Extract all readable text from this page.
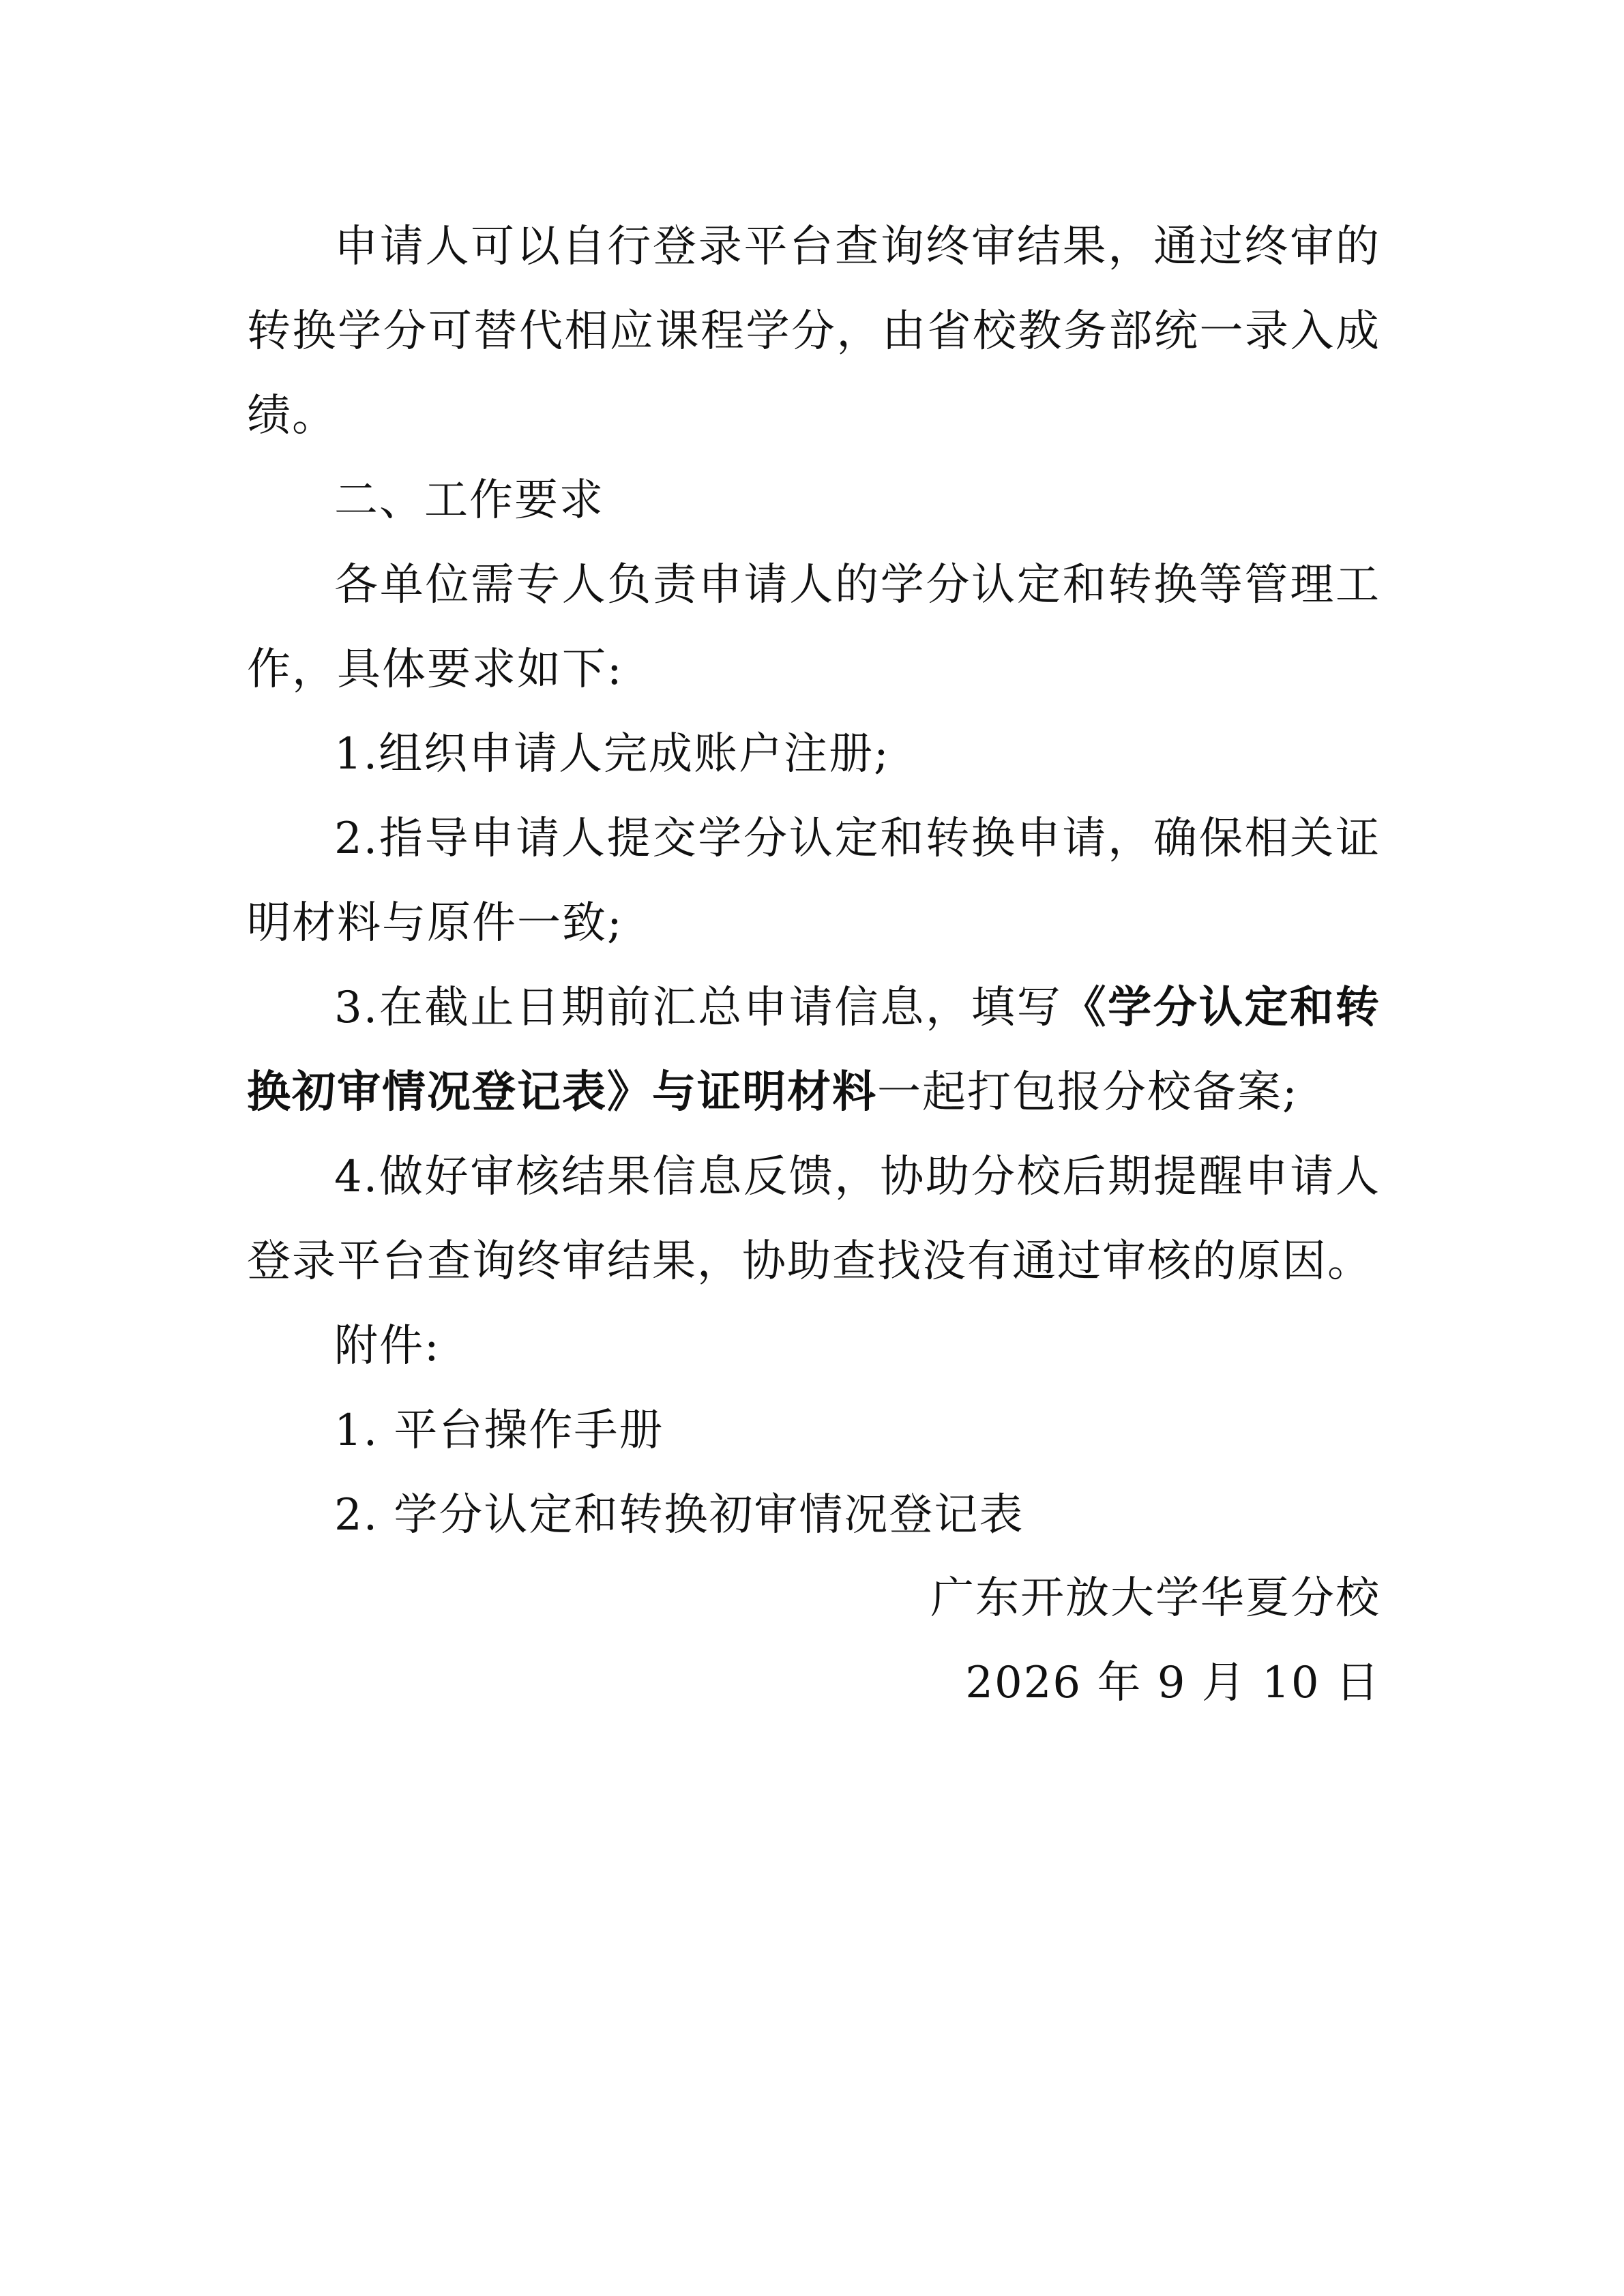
申请人可以自行登录平台查询终审结果，通过终审的转换学分可替代相应课程学分，由省校教务部统一录入成绩。

二、工作要求

各单位需专人负责申请人的学分认定和转换等管理工作，具体要求如下:

1.组织申请人完成账户注册;

2.指导申请人提交学分认定和转换申请，确保相关证明材料与原件一致;

3.在截止日期前汇总申请信息，填写《学分认定和转换初审情况登记表》与证明材料一起打包报分校备案;

4.做好审核结果信息反馈，协助分校后期提醒申请人登录平台查询终审结果，协助查找没有通过审核的原因。

附件:

1. 平台操作手册

2. 学分认定和转换初审情况登记表

广东开放大学华夏分校

2026 年 9 月 10 日
